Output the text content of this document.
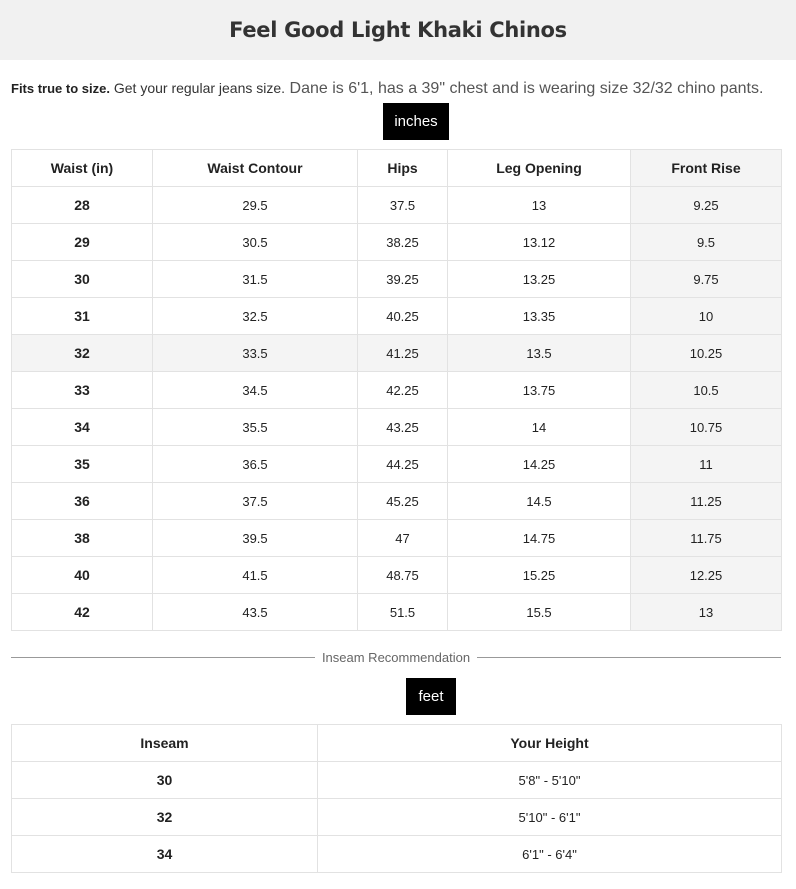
Feel Good Light Khaki Chinos
Fits true to size. Get your regular jeans size. Dane is 6'1, has a 39" chest and is wearing size 32/32 chino pants.
inches
Waist (in)	Waist Contour	Hips	Leg Opening	Front Rise
28	29.5	37.5	13	9.25
29	30.5	38.25	13.12	9.5
30	31.5	39.25	13.25	9.75
31	32.5	40.25	13.35	10
32	33.5	41.25	13.5	10.25
33	34.5	42.25	13.75	10.5
34	35.5	43.25	14	10.75
35	36.5	44.25	14.25	11
36	37.5	45.25	14.5	11.25
38	39.5	47	14.75	11.75
40	41.5	48.75	15.25	12.25
42	43.5	51.5	15.5	13
Inseam Recommendation
feet
Inseam	Your Height
30	5'8" - 5'10"
32	5'10" - 6'1"
34	6'1" - 6'4"
